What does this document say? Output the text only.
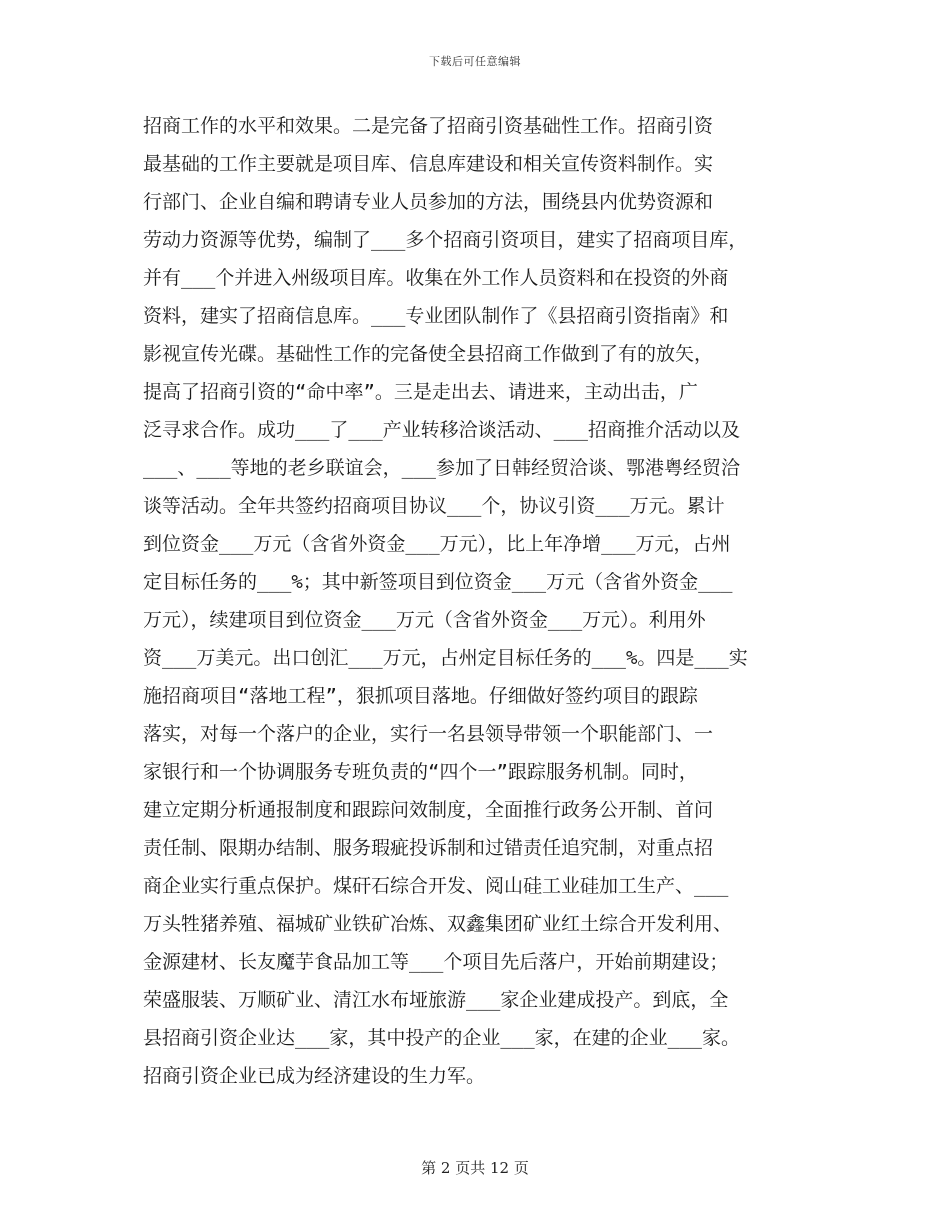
下载后可任意编辑
招商工作的水平和效果。二是完备了招商引资基础性工作。招商引资
最基础的工作主要就是项目库、信息库建设和相关宣传资料制作。实
行部门、企业自编和聘请专业人员参加的方法，围绕县内优势资源和
劳动力资源等优势，编制了___多个招商引资项目，建实了招商项目库，
并有___个并进入州级项目库。收集在外工作人员资料和在投资的外商
资料，建实了招商信息库。___专业团队制作了《县招商引资指南》和
影视宣传光碟。基础性工作的完备使全县招商工作做到了有的放矢，
提高了招商引资的“命中率”。三是走出去、请进来，主动出击，广
泛寻求合作。成功___了___产业转移洽谈活动、___招商推介活动以及
___、___等地的老乡联谊会，___参加了日韩经贸洽谈、鄂港粤经贸洽
谈等活动。全年共签约招商项目协议___个，协议引资___万元。累计
到位资金___万元（含省外资金___万元），比上年净增___万元，占州
定目标任务的___%；其中新签项目到位资金___万元（含省外资金___
万元），续建项目到位资金___万元（含省外资金___万元）。利用外
资___万美元。出口创汇___万元，占州定目标任务的___%。四是___实
施招商项目“落地工程”，狠抓项目落地。仔细做好签约项目的跟踪
落实，对每一个落户的企业，实行一名县领导带领一个职能部门、一
家银行和一个协调服务专班负责的“四个一”跟踪服务机制。同时，
建立定期分析通报制度和跟踪问效制度，全面推行政务公开制、首问
责任制、限期办结制、服务瑕疵投诉制和过错责任追究制，对重点招
商企业实行重点保护。煤矸石综合开发、阅山硅工业硅加工生产、___
万头牲猪养殖、福城矿业铁矿冶炼、双鑫集团矿业红土综合开发利用、
金源建材、长友魔芋食品加工等___个项目先后落户，开始前期建设；
荣盛服装、万顺矿业、清江水布垭旅游___家企业建成投产。到底，全
县招商引资企业达___家，其中投产的企业___家，在建的企业___家。
招商引资企业已成为经济建设的生力军。
第 2 页共 12 页
